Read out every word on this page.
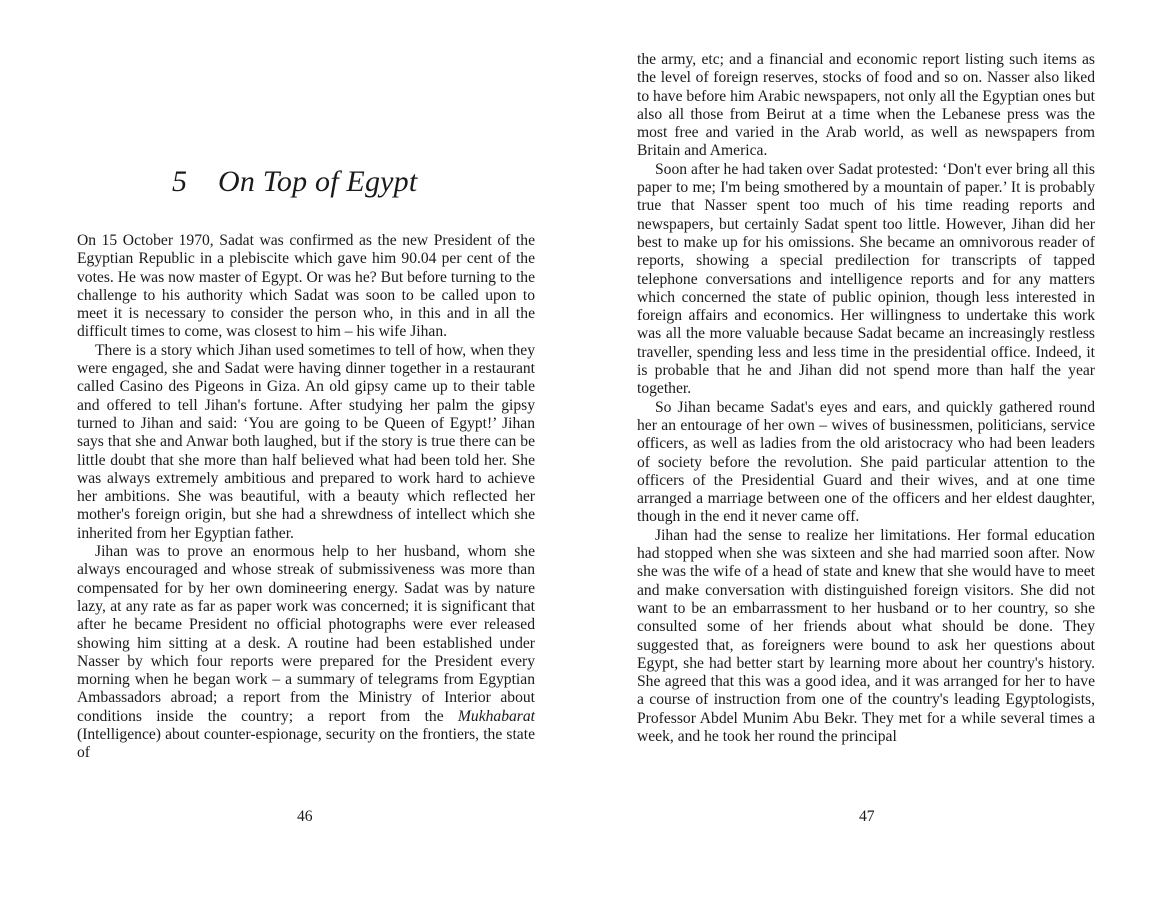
5 On Top of Egypt

On 15 October 1970, Sadat was confirmed as the new President of the Egyptian Republic in a plebiscite which gave him 90.04 per cent of the votes. He was now master of Egypt. Or was he? But before turning to the challenge to his authority which Sadat was soon to be called upon to meet it is necessary to consider the person who, in this and in all the difficult times to come, was closest to him – his wife Jihan.

There is a story which Jihan used sometimes to tell of how, when they were engaged, she and Sadat were having dinner together in a restaurant called Casino des Pigeons in Giza. An old gipsy came up to their table and offered to tell Jihan's fortune. After studying her palm the gipsy turned to Jihan and said: ‘You are going to be Queen of Egypt!’ Jihan says that she and Anwar both laughed, but if the story is true there can be little doubt that she more than half believed what had been told her. She was always extremely ambitious and prepared to work hard to achieve her ambitions. She was beautiful, with a beauty which reflected her mother's foreign origin, but she had a shrewdness of intellect which she inherited from her Egyptian father.

Jihan was to prove an enormous help to her husband, whom she always encouraged and whose streak of submissiveness was more than compensated for by her own domineering energy. Sadat was by nature lazy, at any rate as far as paper work was concerned; it is significant that after he became President no official photographs were ever released showing him sitting at a desk. A routine had been established under Nasser by which four reports were prepared for the President every morning when he began work – a summary of telegrams from Egyptian Ambassadors abroad; a report from the Ministry of Interior about conditions inside the country; a report from the Mukhabarat (Intelligence) about counter-espionage, security on the frontiers, the state of

46

the army, etc; and a financial and economic report listing such items as the level of foreign reserves, stocks of food and so on. Nasser also liked to have before him Arabic newspapers, not only all the Egyptian ones but also all those from Beirut at a time when the Lebanese press was the most free and varied in the Arab world, as well as newspapers from Britain and America.

Soon after he had taken over Sadat protested: ‘Don't ever bring all this paper to me; I'm being smothered by a mountain of paper.’ It is probably true that Nasser spent too much of his time reading reports and newspapers, but certainly Sadat spent too little. However, Jihan did her best to make up for his omissions. She became an omnivorous reader of reports, showing a special predilection for transcripts of tapped telephone conversations and intelligence reports and for any matters which concerned the state of public opinion, though less interested in foreign affairs and economics. Her willingness to undertake this work was all the more valuable because Sadat became an increasingly restless traveller, spending less and less time in the presidential office. Indeed, it is probable that he and Jihan did not spend more than half the year together.

So Jihan became Sadat's eyes and ears, and quickly gathered round her an entourage of her own – wives of businessmen, politicians, service officers, as well as ladies from the old aristocracy who had been leaders of society before the revolution. She paid particular attention to the officers of the Presidential Guard and their wives, and at one time arranged a marriage between one of the officers and her eldest daughter, though in the end it never came off.

Jihan had the sense to realize her limitations. Her formal education had stopped when she was sixteen and she had married soon after. Now she was the wife of a head of state and knew that she would have to meet and make conversation with distinguished foreign visitors. She did not want to be an embarrassment to her husband or to her country, so she consulted some of her friends about what should be done. They suggested that, as foreigners were bound to ask her questions about Egypt, she had better start by learning more about her country's history. She agreed that this was a good idea, and it was arranged for her to have a course of instruction from one of the country's leading Egyptologists, Professor Abdel Munim Abu Bekr. They met for a while several times a week, and he took her round the principal

47
